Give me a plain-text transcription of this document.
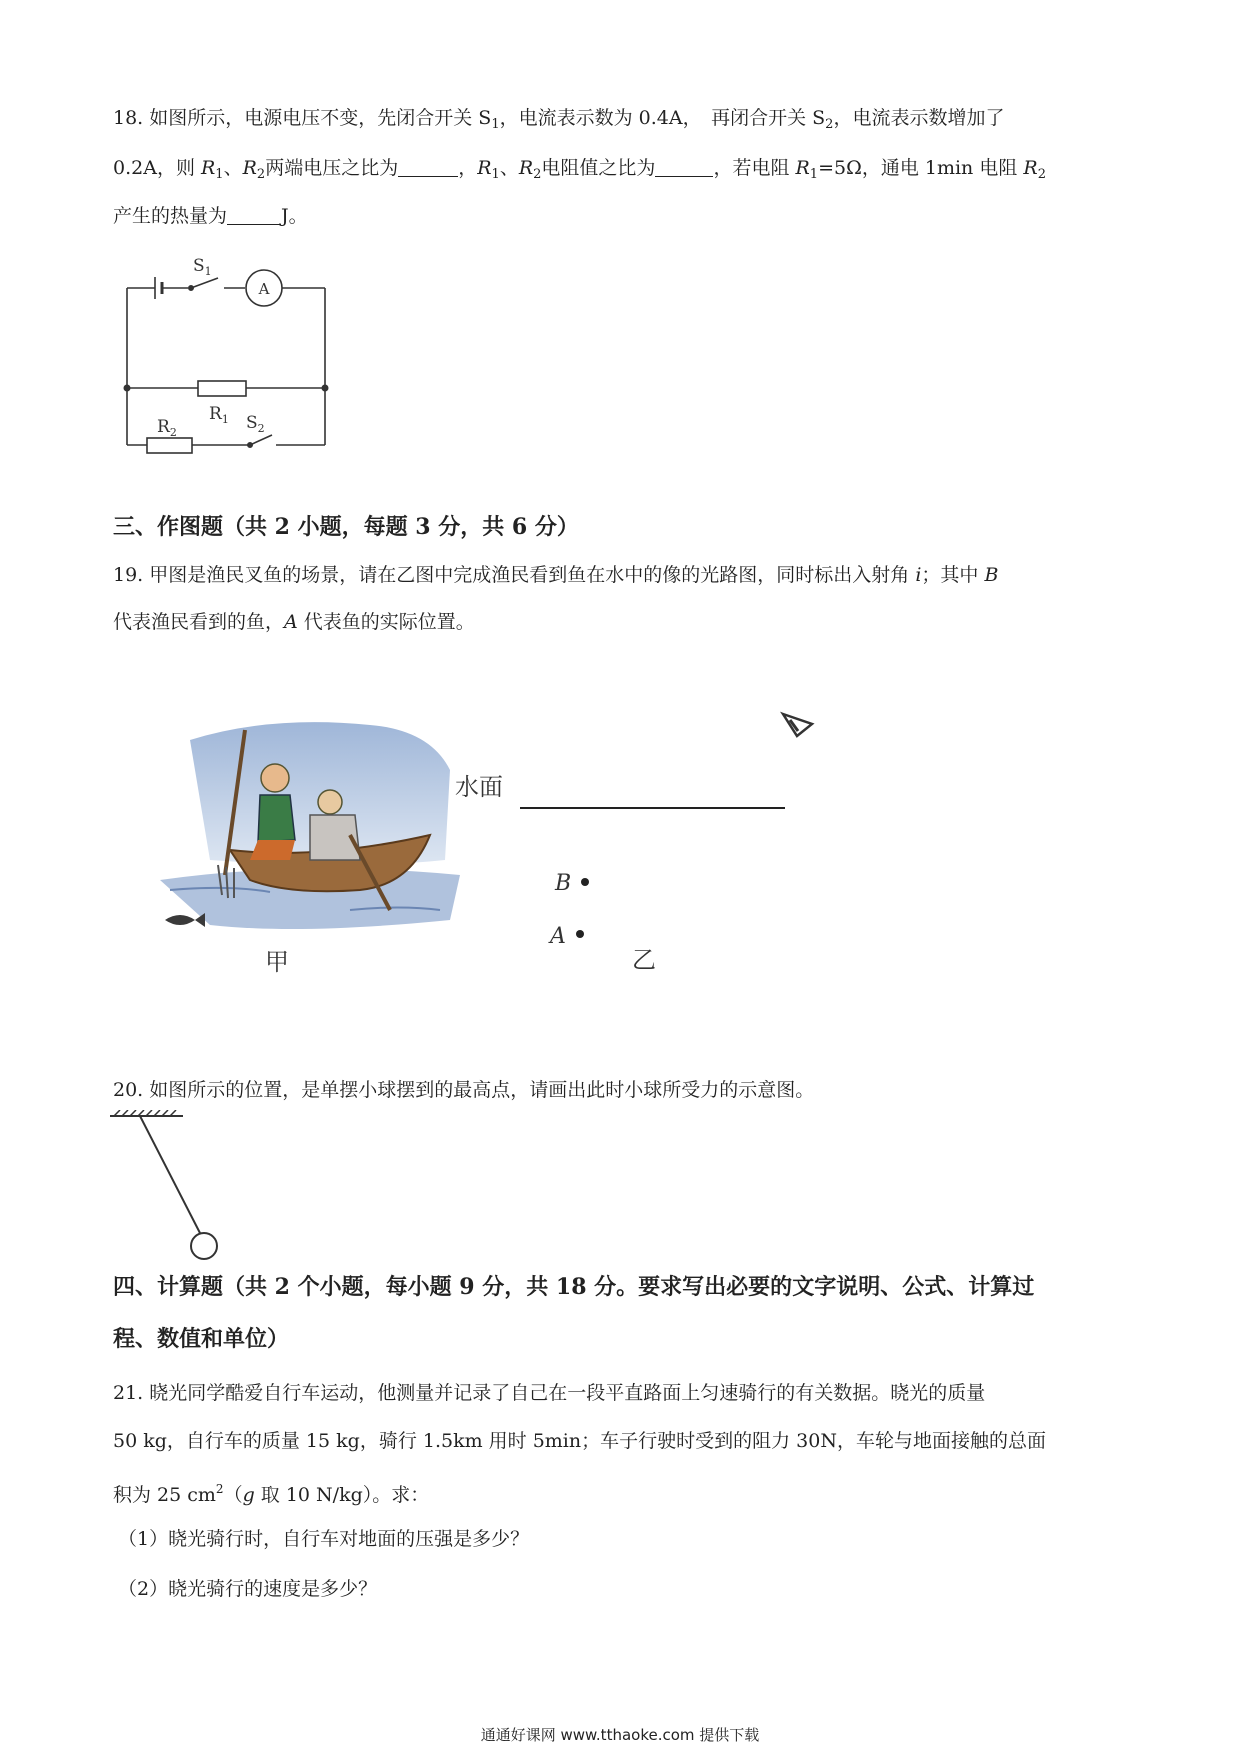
18. 如图所示，电源电压不变，先闭合开关 $S_1$，电流表示数为 0.4A，　再闭合开关 $S_2$，电流表示数增加了
0.2A，则 $R_1$、$R_2$两端电压之比为	，$R_1$、$R_2$电阻值之比为	，若电阻 $R_1=5\Omega$，通电 1min 电阻 $R_2$
产生的热量为	J。
$S_1$
A
$R_1$
$R_2$	$S_2$
三、作图题（共 2 小题，每题 3 分，共 6 分）
19. 甲图是渔民叉鱼的场景，请在乙图中完成渔民看到鱼在水中的像的光路图，同时标出入射角 i；其中 B
代表渔民看到的鱼，A 代表鱼的实际位置。
甲
水面
B
A
乙
20. 如图所示的位置，是单摆小球摆到的最高点，请画出此时小球所受力的示意图。
四、计算题（共 2 个小题，每小题 9 分，共 18 分。要求写出必要的文字说明、公式、计算过
程、数值和单位）
21. 晓光同学酷爱自行车运动，他测量并记录了自己在一段平直路面上匀速骑行的有关数据。晓光的质量
50 kg，自行车的质量 15 kg，骑行 1.5km 用时 5min；车子行驶时受到的阻力 30N，车轮与地面接触的总面
积为 25 $cm^2(g$ 取 10 N/kg）。求：
（1）晓光骑行时，自行车对地面的压强是多少？
（2）晓光骑行的速度是多少？
通通好课网 www.tthaoke.com 提供下载
